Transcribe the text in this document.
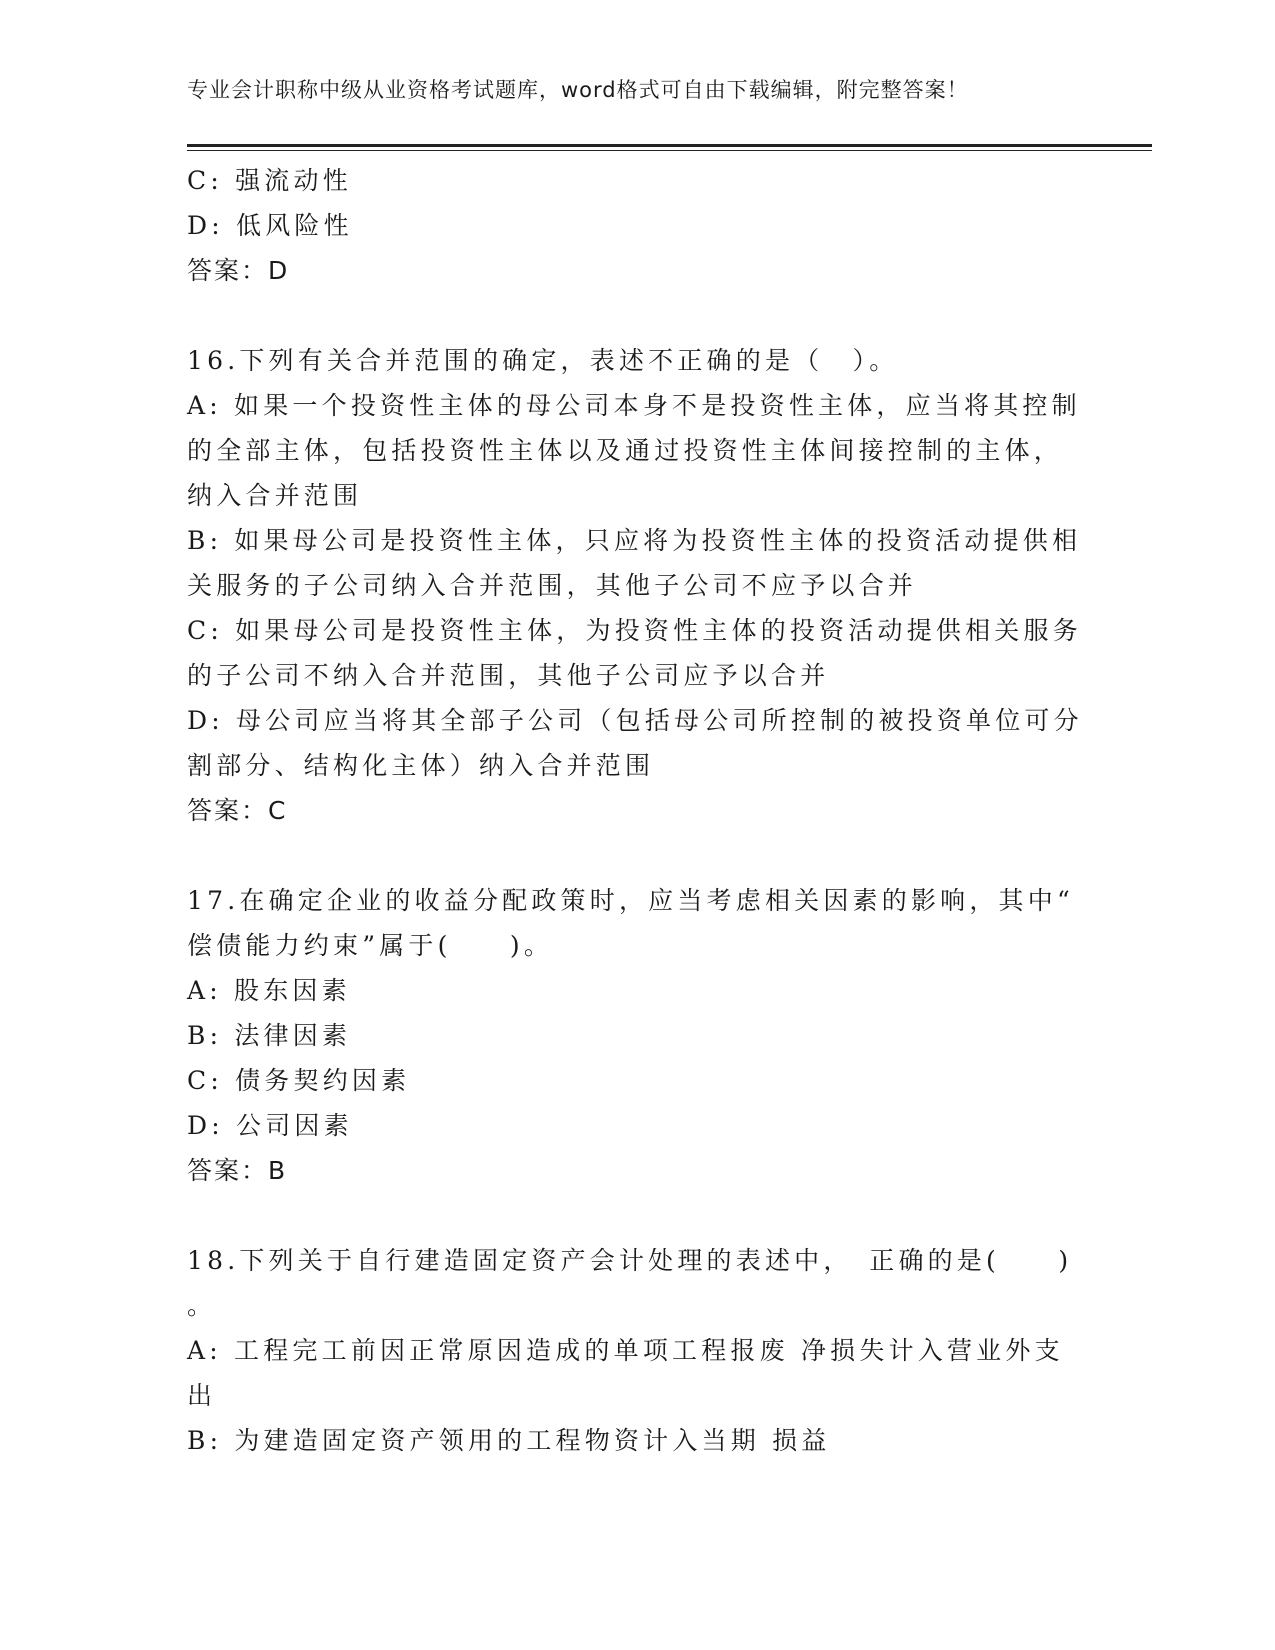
专业会计职称中级从业资格考试题库，word格式可自由下载编辑，附完整答案！
C: 强流动性
D: 低风险性
答案：D
16.下列有关合并范围的确定，表述不正确的是（　）。
A: 如果一个投资性主体的母公司本身不是投资性主体，应当将其控制
的全部主体，包括投资性主体以及通过投资性主体间接控制的主体，
纳入合并范围
B: 如果母公司是投资性主体，只应将为投资性主体的投资活动提供相
关服务的子公司纳入合并范围，其他子公司不应予以合并
C: 如果母公司是投资性主体，为投资性主体的投资活动提供相关服务
的子公司不纳入合并范围，其他子公司应予以合并
D: 母公司应当将其全部子公司（包括母公司所控制的被投资单位可分
割部分、结构化主体）纳入合并范围
答案：C
17.在确定企业的收益分配政策时，应当考虑相关因素的影响，其中“
偿债能力约束”属于(　　)。
A: 股东因素
B: 法律因素
C: 债务契约因素
D: 公司因素
答案：B
18.下列关于自行建造固定资产会计处理的表述中，　正确的是(　　)
。
A: 工程完工前因正常原因造成的单项工程报废 净损失计入营业外支
出
B: 为建造固定资产领用的工程物资计入当期 损益
